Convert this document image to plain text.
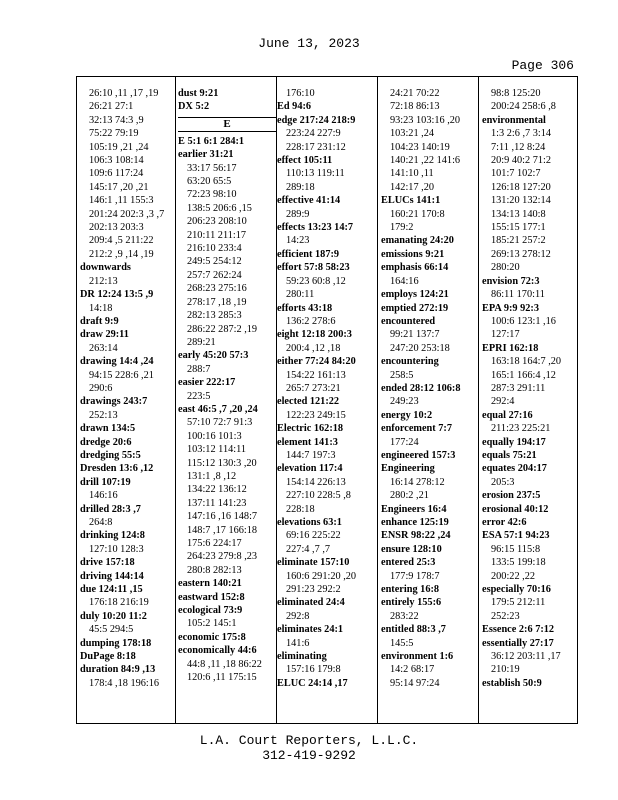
June 13, 2023
Page 306
26:10 ,11 ,17 ,19
26:21 27:1
32:13 74:3 ,9
75:22 79:19
105:19 ,21 ,24
106:3 108:14
109:6 117:24
145:17 ,20 ,21
146:1 ,11 155:3
201:24 202:3 ,3 ,7
202:13 203:3
209:4 ,5 211:22
212:2 ,9 ,14 ,19
downwards
212:13
DR 12:24 13:5 ,9
14:18
draft 9:9
draw 29:11
263:14
drawing 14:4 ,24
94:15 228:6 ,21
290:6
drawings 243:7
252:13
drawn 134:5
dredge 20:6
dredging 55:5
Dresden 13:6 ,12
drill 107:19
146:16
drilled 28:3 ,7
264:8
drinking 124:8
127:10 128:3
drive 157:18
driving 144:14
due 124:11 ,15
176:18 216:19
duly 10:20 11:2
45:5 294:5
dumping 178:18
DuPage 8:18
duration 84:9 ,13
178:4 ,18 196:16
dust 9:21
DX 5:2
E
E 5:1 6:1 284:1
earlier 31:21
33:17 56:17
63:20 65:5
72:23 98:10
138:5 206:6 ,15
206:23 208:10
210:11 211:17
216:10 233:4
249:5 254:12
257:7 262:24
268:23 275:16
278:17 ,18 ,19
282:13 285:3
286:22 287:2 ,19
289:21
early 45:20 57:3
288:7
easier 222:17
223:5
east 46:5 ,7 ,20 ,24
57:10 72:7 91:3
100:16 101:3
103:12 114:11
115:12 130:3 ,20
131:1 ,8 ,12
134:22 136:12
137:11 141:23
147:16 ,16 148:7
148:7 ,17 166:18
175:6 224:17
264:23 279:8 ,23
280:8 282:13
eastern 140:21
eastward 152:8
ecological 73:9
105:2 145:1
economic 175:8
economically 44:6
44:8 ,11 ,18 86:22
120:6 ,11 175:15
176:10
Ed 94:6
edge 217:24 218:9
223:24 227:9
228:17 231:12
effect 105:11
110:13 119:11
289:18
effective 41:14
289:9
effects 13:23 14:7
14:23
efficient 187:9
effort 57:8 58:23
59:23 60:8 ,12
280:11
efforts 43:18
136:2 278:6
eight 12:18 200:3
200:4 ,12 ,18
either 77:24 84:20
154:22 161:13
265:7 273:21
elected 121:22
122:23 249:15
Electric 162:18
element 141:3
144:7 197:3
elevation 117:4
154:14 226:13
227:10 228:5 ,8
228:18
elevations 63:1
69:16 225:22
227:4 ,7 ,7
eliminate 157:10
160:6 291:20 ,20
291:23 292:2
eliminated 24:4
292:8
eliminates 24:1
141:6
eliminating
157:16 179:8
ELUC 24:14 ,17
24:21 70:22
72:18 86:13
93:23 103:16 ,20
103:21 ,24
104:23 140:19
140:21 ,22 141:6
141:10 ,11
142:17 ,20
ELUCs 141:1
160:21 170:8
179:2
emanating 24:20
emissions 9:21
emphasis 66:14
164:16
employs 124:21
emptied 272:19
encountered
99:21 137:7
247:20 253:18
encountering
258:5
ended 28:12 106:8
249:23
energy 10:2
enforcement 7:7
177:24
engineered 157:3
Engineering
16:14 278:12
280:2 ,21
Engineers 16:4
enhance 125:19
ENSR 98:22 ,24
ensure 128:10
entered 25:3
177:9 178:7
entering 16:8
entirely 155:6
283:22
entitled 88:3 ,7
145:5
environment 1:6
14:2 68:17
95:14 97:24
98:8 125:20
200:24 258:6 ,8
environmental
1:3 2:6 ,7 3:14
7:11 ,12 8:24
20:9 40:2 71:2
101:7 102:7
126:18 127:20
131:20 132:14
134:13 140:8
155:15 177:1
185:21 257:2
269:13 278:12
280:20
envision 72:3
86:11 170:11
EPA 9:9 92:3
100:6 123:1 ,16
127:17
EPRI 162:18
163:18 164:7 ,20
165:1 166:4 ,12
287:3 291:11
292:4
equal 27:16
211:23 225:21
equally 194:17
equals 75:21
equates 204:17
205:3
erosion 237:5
erosional 40:12
error 42:6
ESA 57:1 94:23
96:15 115:8
133:5 199:18
200:22 ,22
especially 70:16
179:5 212:11
252:23
Essence 2:6 7:12
essentially 27:17
36:12 203:11 ,17
210:19
establish 50:9
L.A. Court Reporters, L.L.C.
312-419-9292
